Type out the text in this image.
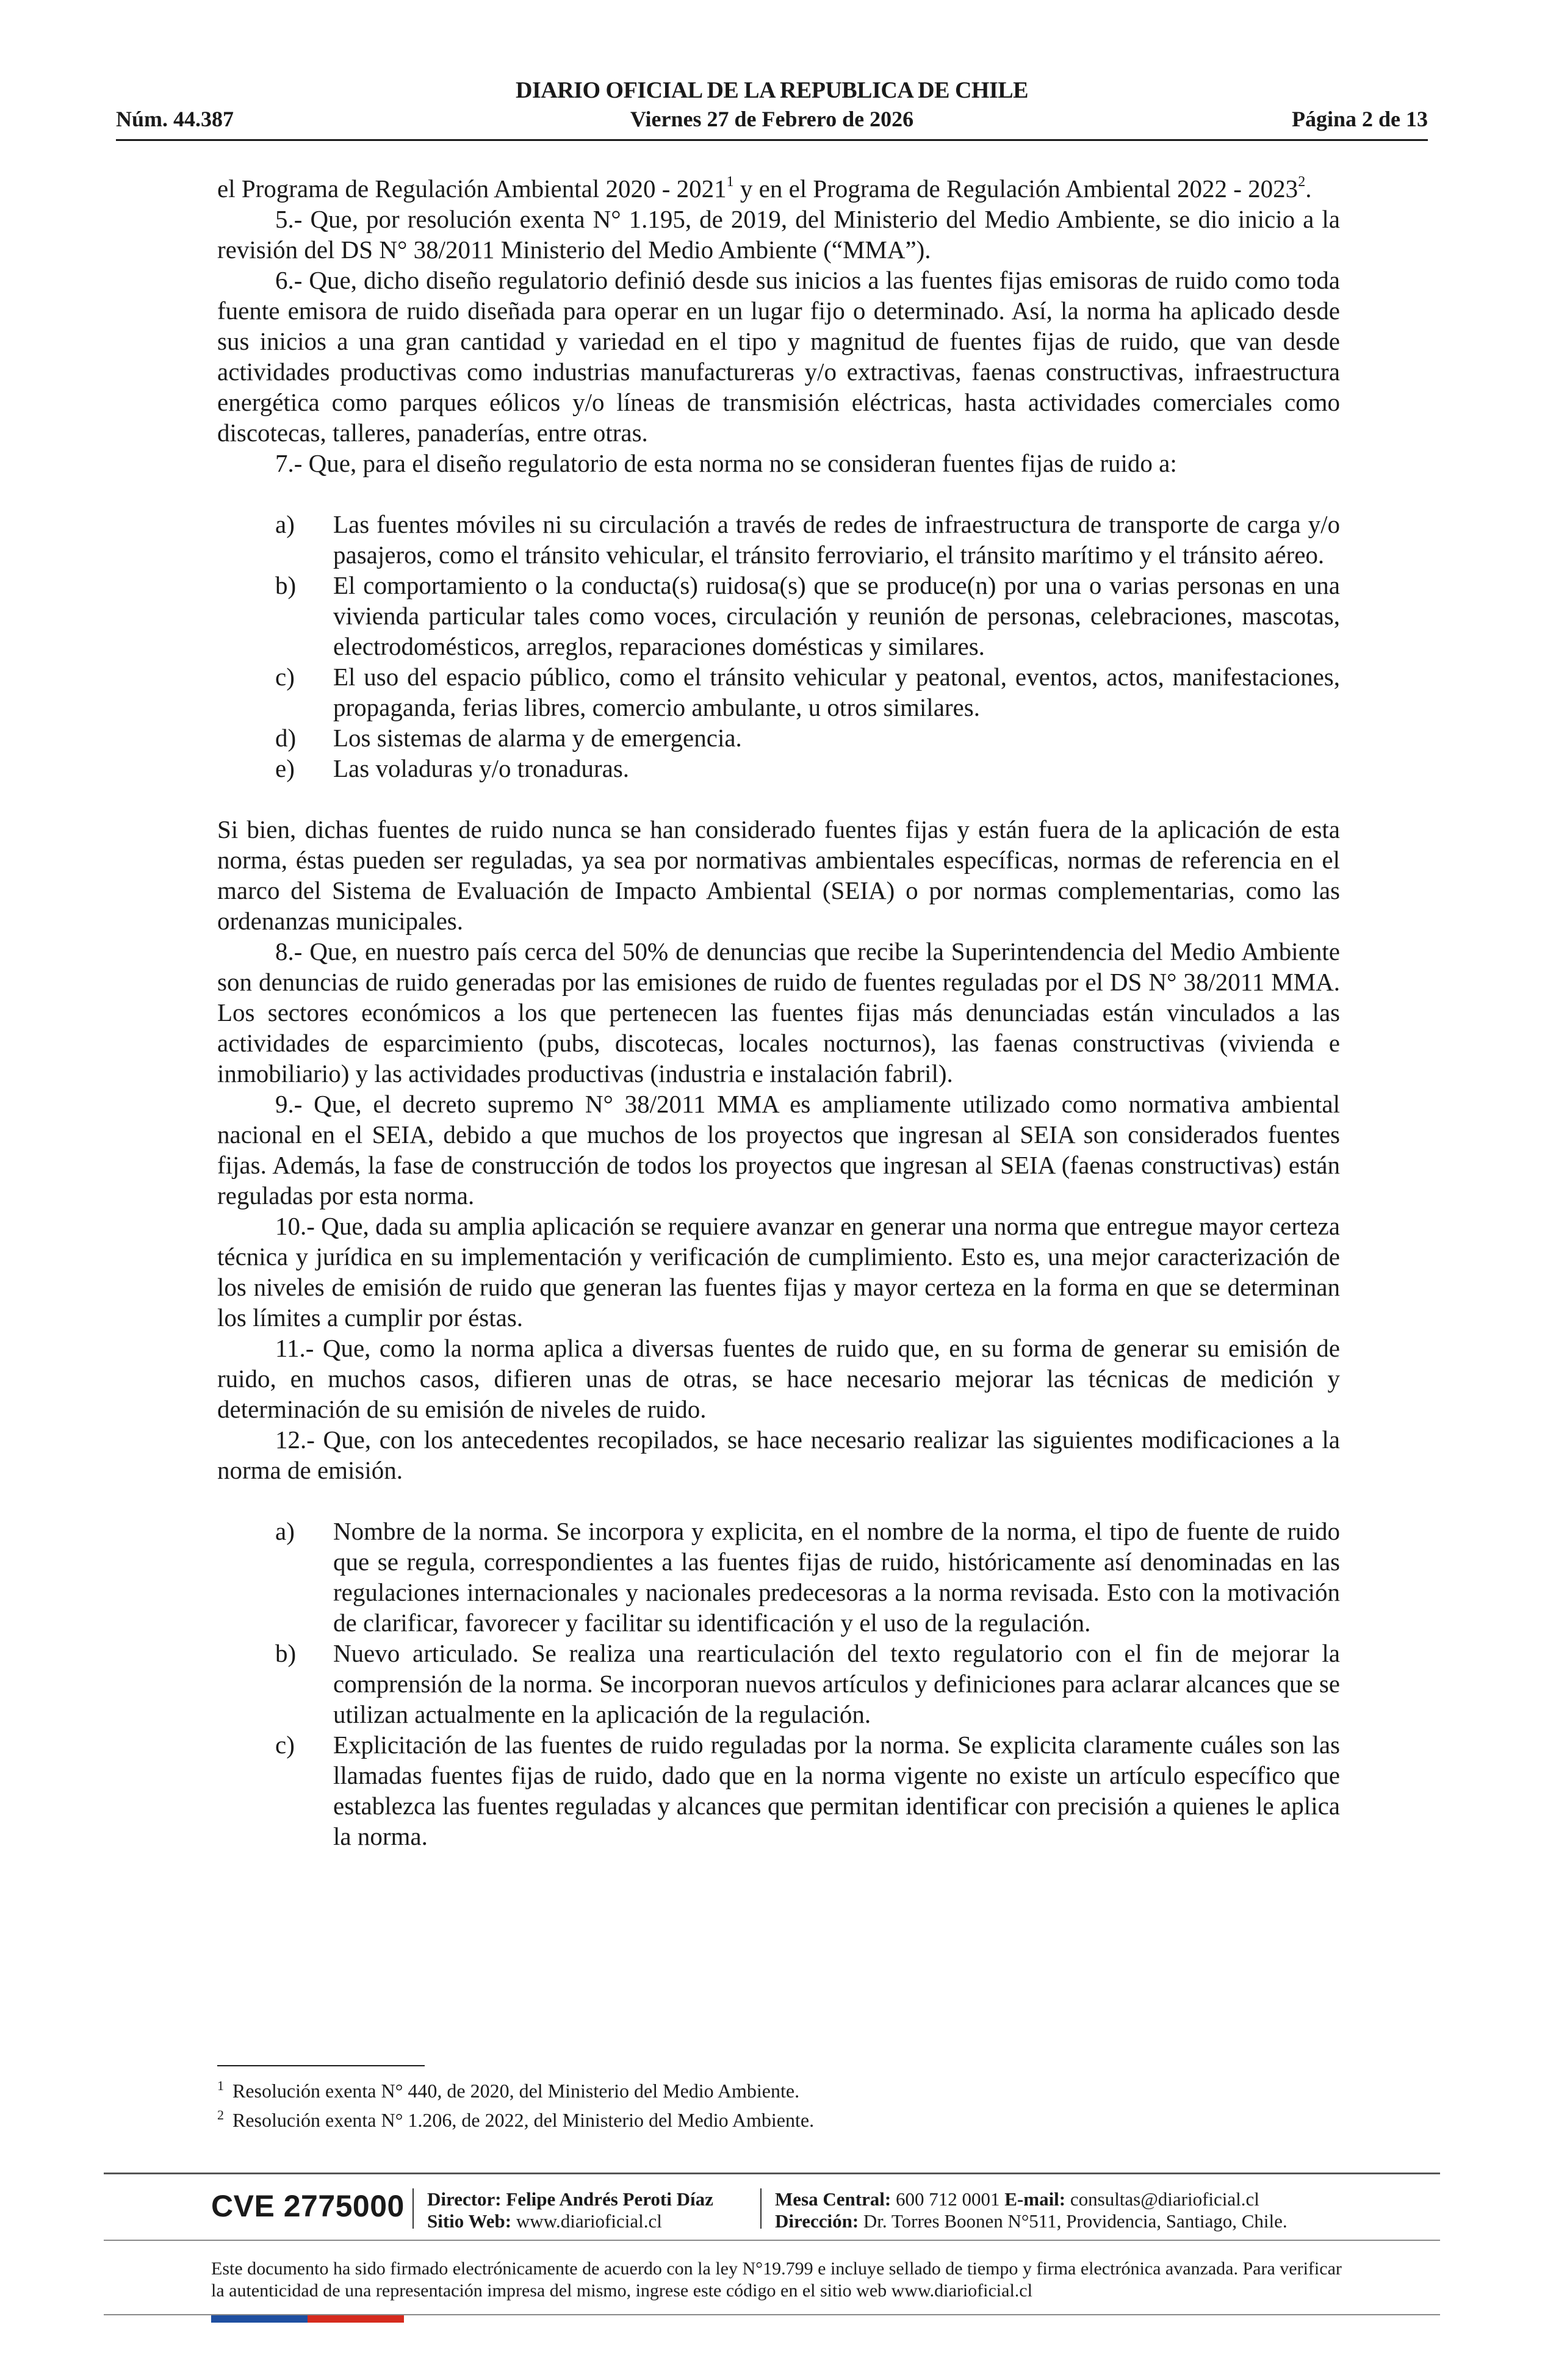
Núm. 44.387
DIARIO OFICIAL DE LA REPUBLICA DE CHILE
Viernes 27 de Febrero de 2026	Página 2 de 13

el Programa de Regulación Ambiental 2020 - 2021$^1$ y en el Programa de Regulación Ambiental 2022 - 2023$^2$.

5.- Que, por resolución exenta N° 1.195, de 2019, del Ministerio del Medio Ambiente, se dio inicio a la revisión del DS N° 38/2011 Ministerio del Medio Ambiente (“MMA”).

6.- Que, dicho diseño regulatorio definió desde sus inicios a las fuentes fijas emisoras de ruido como toda fuente emisora de ruido diseñada para operar en un lugar fijo o determinado. Así, la norma ha aplicado desde sus inicios a una gran cantidad y variedad en el tipo y magnitud de fuentes fijas de ruido, que van desde actividades productivas como industrias manufactureras y/o extractivas, faenas constructivas, infraestructura energética como parques eólicos y/o líneas de transmisión eléctricas, hasta actividades comerciales como discotecas, talleres, panaderías, entre otras.

7.- Que, para el diseño regulatorio de esta norma no se consideran fuentes fijas de ruido a:

a)	Las fuentes móviles ni su circulación a través de redes de infraestructura de transporte de carga y/o pasajeros, como el tránsito vehicular, el tránsito ferroviario, el tránsito marítimo y el tránsito aéreo.
b)	El comportamiento o la conducta(s) ruidosa(s) que se produce(n) por una o varias personas en una vivienda particular tales como voces, circulación y reunión de personas, celebraciones, mascotas, electrodomésticos, arreglos, reparaciones domésticas y similares.
c)	El uso del espacio público, como el tránsito vehicular y peatonal, eventos, actos, manifestaciones, propaganda, ferias libres, comercio ambulante, u otros similares.
d)	Los sistemas de alarma y de emergencia.
e)	Las voladuras y/o tronaduras.

Si bien, dichas fuentes de ruido nunca se han considerado fuentes fijas y están fuera de la aplicación de esta norma, éstas pueden ser reguladas, ya sea por normativas ambientales específicas, normas de referencia en el marco del Sistema de Evaluación de Impacto Ambiental (SEIA) o por normas complementarias, como las ordenanzas municipales.

8.- Que, en nuestro país cerca del 50% de denuncias que recibe la Superintendencia del Medio Ambiente son denuncias de ruido generadas por las emisiones de ruido de fuentes reguladas por el DS N° 38/2011 MMA. Los sectores económicos a los que pertenecen las fuentes fijas más denunciadas están vinculados a las actividades de esparcimiento (pubs, discotecas, locales nocturnos), las faenas constructivas (vivienda e inmobiliario) y las actividades productivas (industria e instalación fabril).

9.- Que, el decreto supremo N° 38/2011 MMA es ampliamente utilizado como normativa ambiental nacional en el SEIA, debido a que muchos de los proyectos que ingresan al SEIA son considerados fuentes fijas. Además, la fase de construcción de todos los proyectos que ingresan al SEIA (faenas constructivas) están reguladas por esta norma.

10.- Que, dada su amplia aplicación se requiere avanzar en generar una norma que entregue mayor certeza técnica y jurídica en su implementación y verificación de cumplimiento. Esto es, una mejor caracterización de los niveles de emisión de ruido que generan las fuentes fijas y mayor certeza en la forma en que se determinan los límites a cumplir por éstas.

11.- Que, como la norma aplica a diversas fuentes de ruido que, en su forma de generar su emisión de ruido, en muchos casos, difieren unas de otras, se hace necesario mejorar las técnicas de medición y determinación de su emisión de niveles de ruido.

12.- Que, con los antecedentes recopilados, se hace necesario realizar las siguientes modificaciones a la norma de emisión.

a)	Nombre de la norma. Se incorpora y explicita, en el nombre de la norma, el tipo de fuente de ruido que se regula, correspondientes a las fuentes fijas de ruido, históricamente así denominadas en las regulaciones internacionales y nacionales predecesoras a la norma revisada. Esto con la motivación de clarificar, favorecer y facilitar su identificación y el uso de la regulación.
b)	Nuevo articulado. Se realiza una rearticulación del texto regulatorio con el fin de mejorar la comprensión de la norma. Se incorporan nuevos artículos y definiciones para aclarar alcances que se utilizan actualmente en la aplicación de la regulación.
c)	Explicitación de las fuentes de ruido reguladas por la norma. Se explicita claramente cuáles son las llamadas fuentes fijas de ruido, dado que en la norma vigente no existe un artículo específico que establezca las fuentes reguladas y alcances que permitan identificar con precisión a quienes le aplica la norma.
$^1$ Resolución exenta N° 440, de 2020, del Ministerio del Medio Ambiente.
$^2$ Resolución exenta N° 1.206, de 2022, del Ministerio del Medio Ambiente.
CVE 2775000 Director: Felipe Andrés Peroti Díaz
Sitio Web: www.diarioficial.cl
Mesa Central: 600 712 0001 E-mail: consultas@diarioficial.cl
Dirección: Dr. Torres Boonen N°511, Providencia, Santiago, Chile.
Este documento ha sido firmado electrónicamente de acuerdo con la ley N°19.799 e incluye sellado de tiempo y firma electrónica avanzada. Para verificar la autenticidad de una representación impresa del mismo, ingrese este código en el sitio web www.diarioficial.cl
